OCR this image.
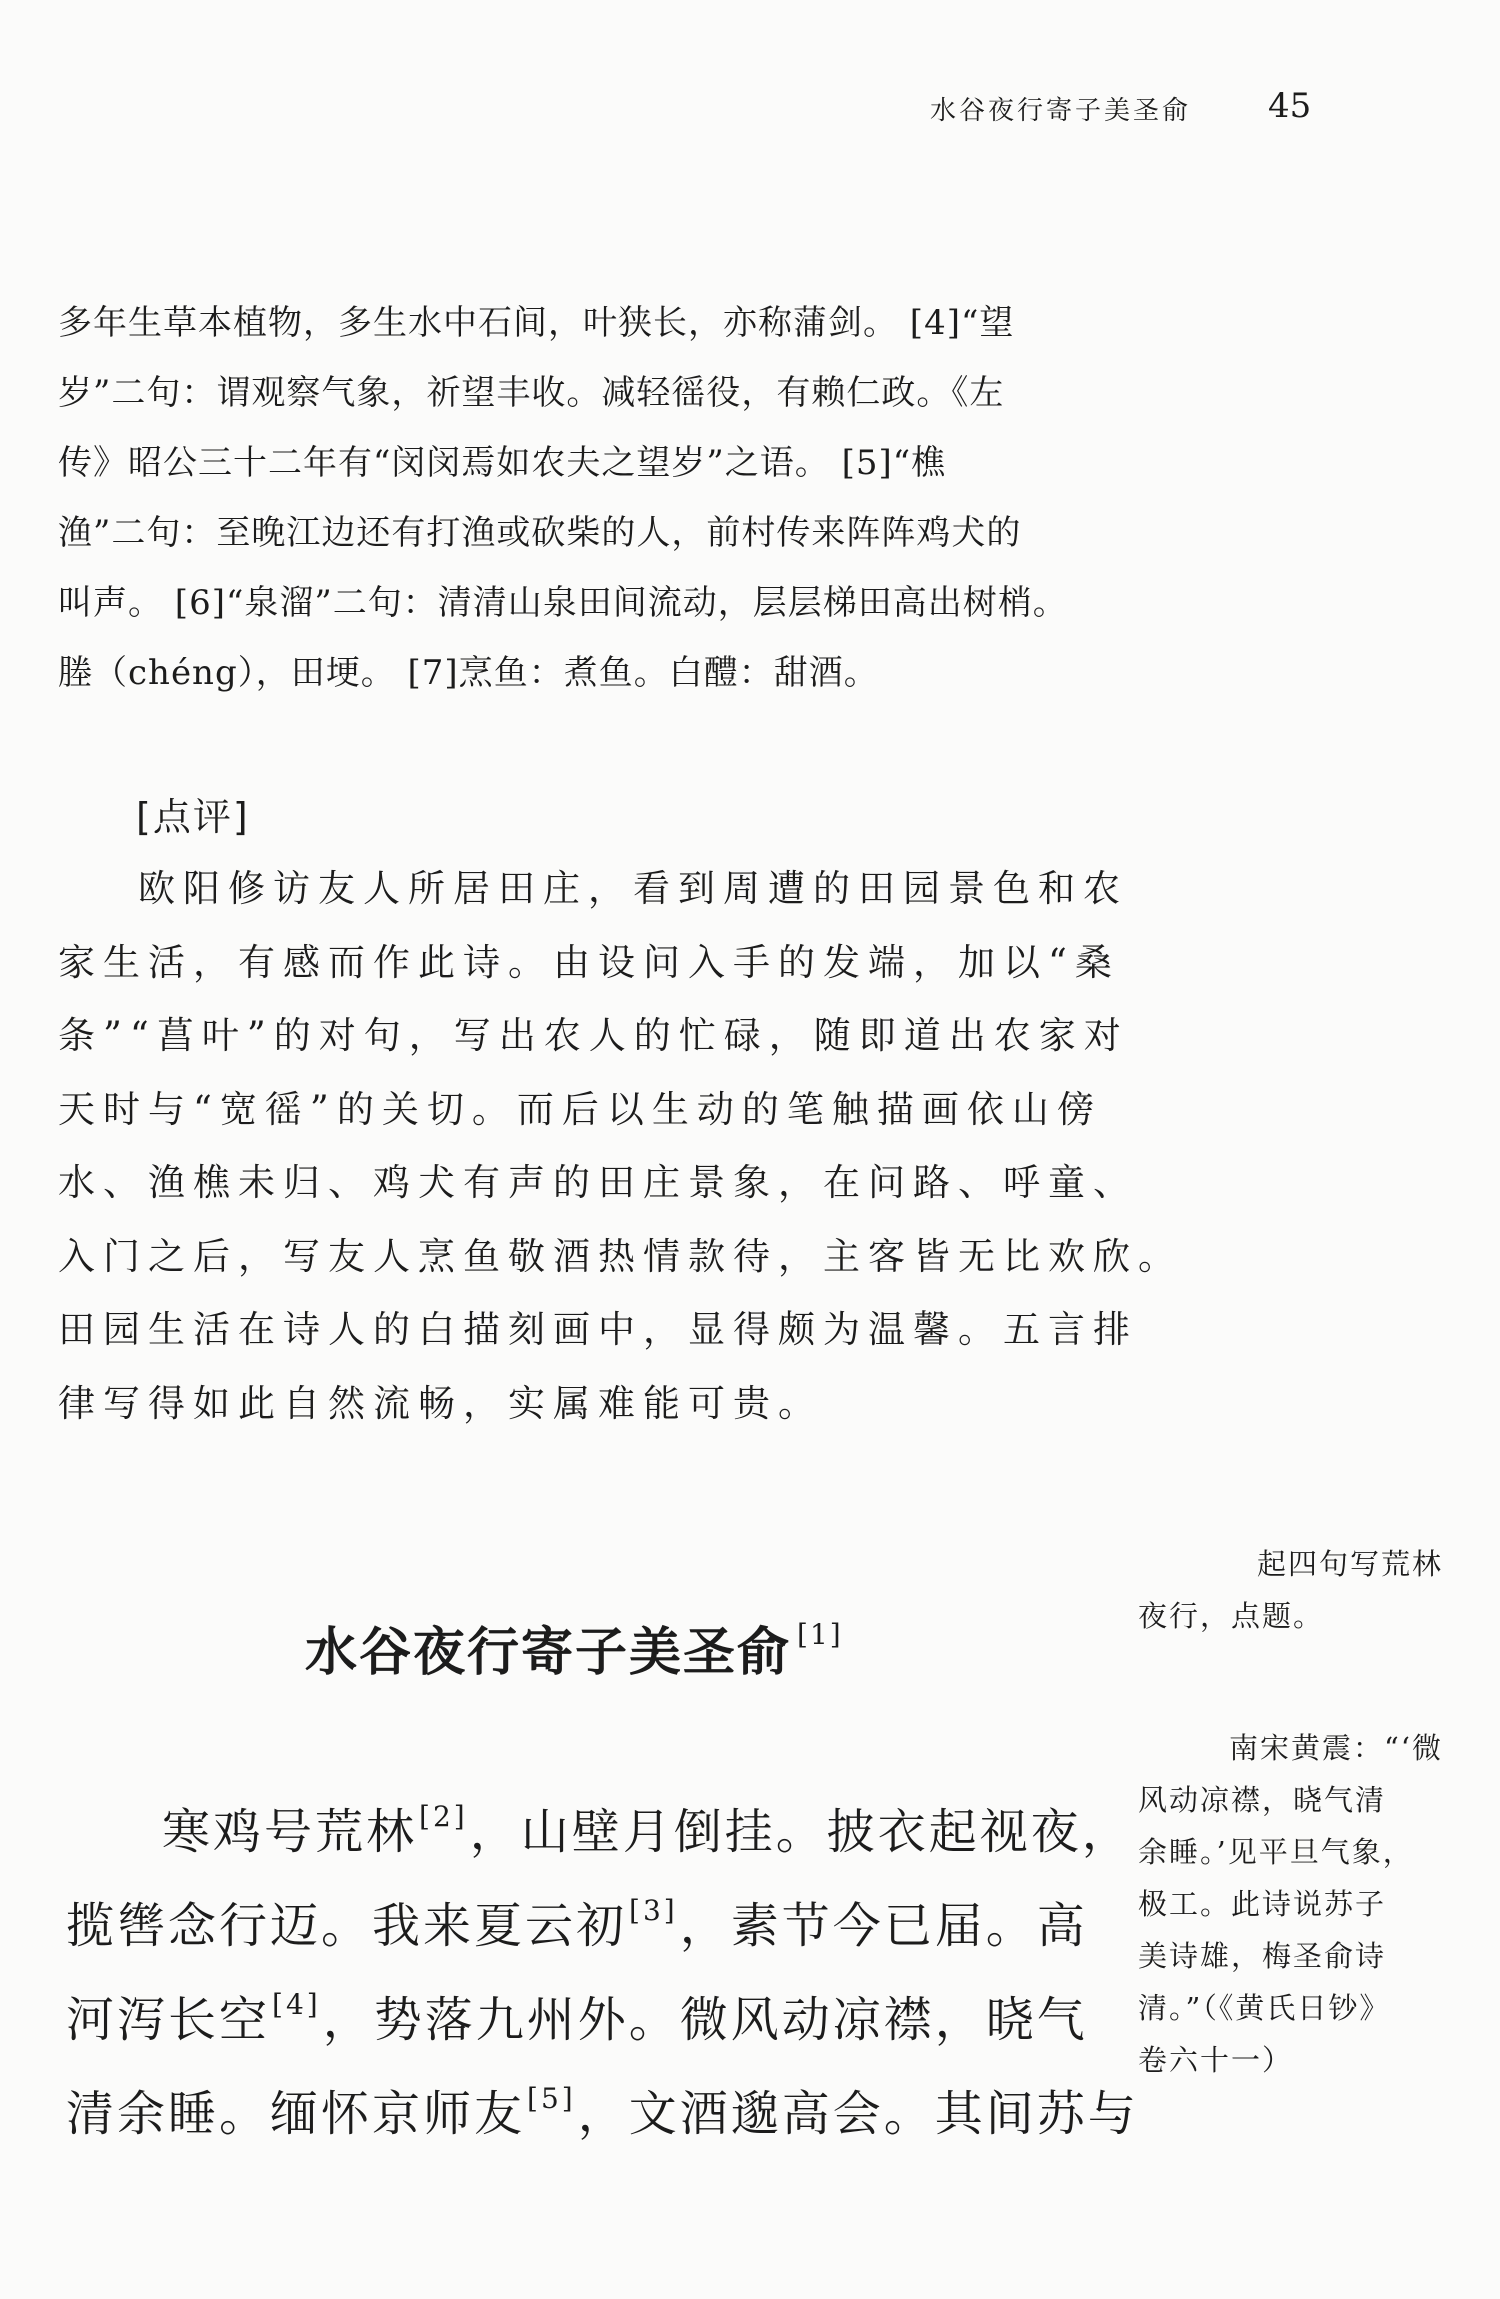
水谷夜行寄子美圣俞 45
多年生草本植物，多生水中石间，叶狭长，亦称蒲剑。 [4]“望
岁”二句：谓观察气象，祈望丰收。减轻徭役，有赖仁政。《左
传》昭公三十二年有“闵闵焉如农夫之望岁”之语。 [5]“樵
渔”二句：至晚江边还有打渔或砍柴的人，前村传来阵阵鸡犬的
叫声。 [6]“泉溜”二句：清清山泉田间流动，层层梯田高出树梢。
塍（chéng），田埂。 [7]烹鱼：煮鱼。白醴：甜酒。
[点评]
欧阳修访友人所居田庄，看到周遭的田园景色和农
家生活，有感而作此诗。由设问入手的发端，加以“桑
条”“菖叶”的对句，写出农人的忙碌，随即道出农家对
天时与“宽徭”的关切。而后以生动的笔触描画依山傍
水、渔樵未归、鸡犬有声的田庄景象，在问路、呼童、
入门之后，写友人烹鱼敬酒热情款待，主客皆无比欢欣。
田园生活在诗人的白描刻画中，显得颇为温馨。五言排
律写得如此自然流畅，实属难能可贵。
起四句写荒林
夜行，点题。
南宋黄震：“‘微
风动凉襟，晓气清
余睡。’见平旦气象，
极工。此诗说苏子
美诗雄，梅圣俞诗
清。”（《黄氏日钞》
卷六十一）
水谷夜行寄子美圣俞 [1]
寒鸡号荒林[2]，山壁月倒挂。披衣起视夜，
揽辔念行迈。我来夏云初[3]，素节今已届。高
河泻长空[4]，势落九州外。微风动凉襟，晓气
清余睡。缅怀京师友[5]，文酒邈高会。其间苏与
